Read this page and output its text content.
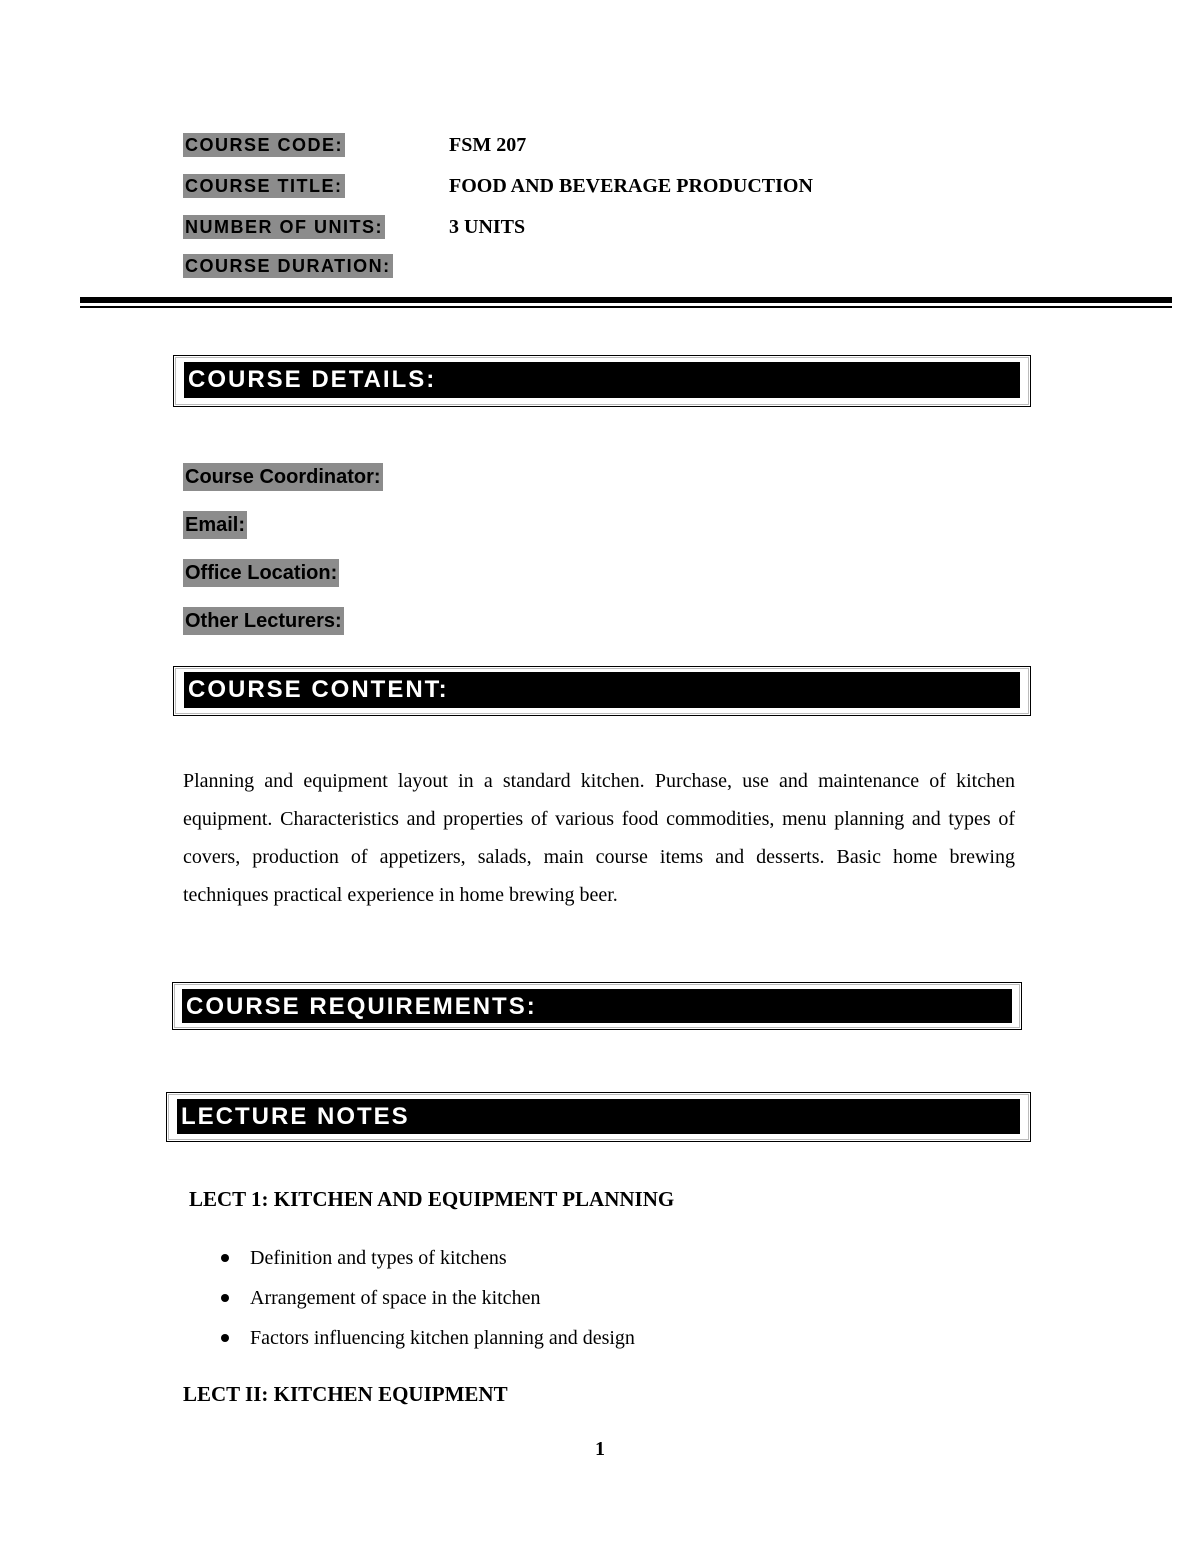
COURSE CODE:	FSM 207
COURSE TITLE:	FOOD AND BEVERAGE PRODUCTION
NUMBER OF UNITS:	3 UNITS
COURSE DURATION:
COURSE DETAILS:
Course Coordinator:
Email:
Office Location:
Other Lecturers:
COURSE CONTENT:

Planning and equipment layout in a standard kitchen. Purchase, use and maintenance of kitchen equipment. Characteristics and properties of various food commodities, menu planning and types of covers, production of appetizers, salads, main course items and desserts. Basic home brewing techniques practical experience in home brewing beer.

COURSE REQUIREMENTS:
LECTURE NOTES
LECT 1: KITCHEN AND EQUIPMENT PLANNING
Definition and types of kitchens
Arrangement of space in the kitchen
Factors influencing kitchen planning and design
LECT II: KITCHEN EQUIPMENT
1
